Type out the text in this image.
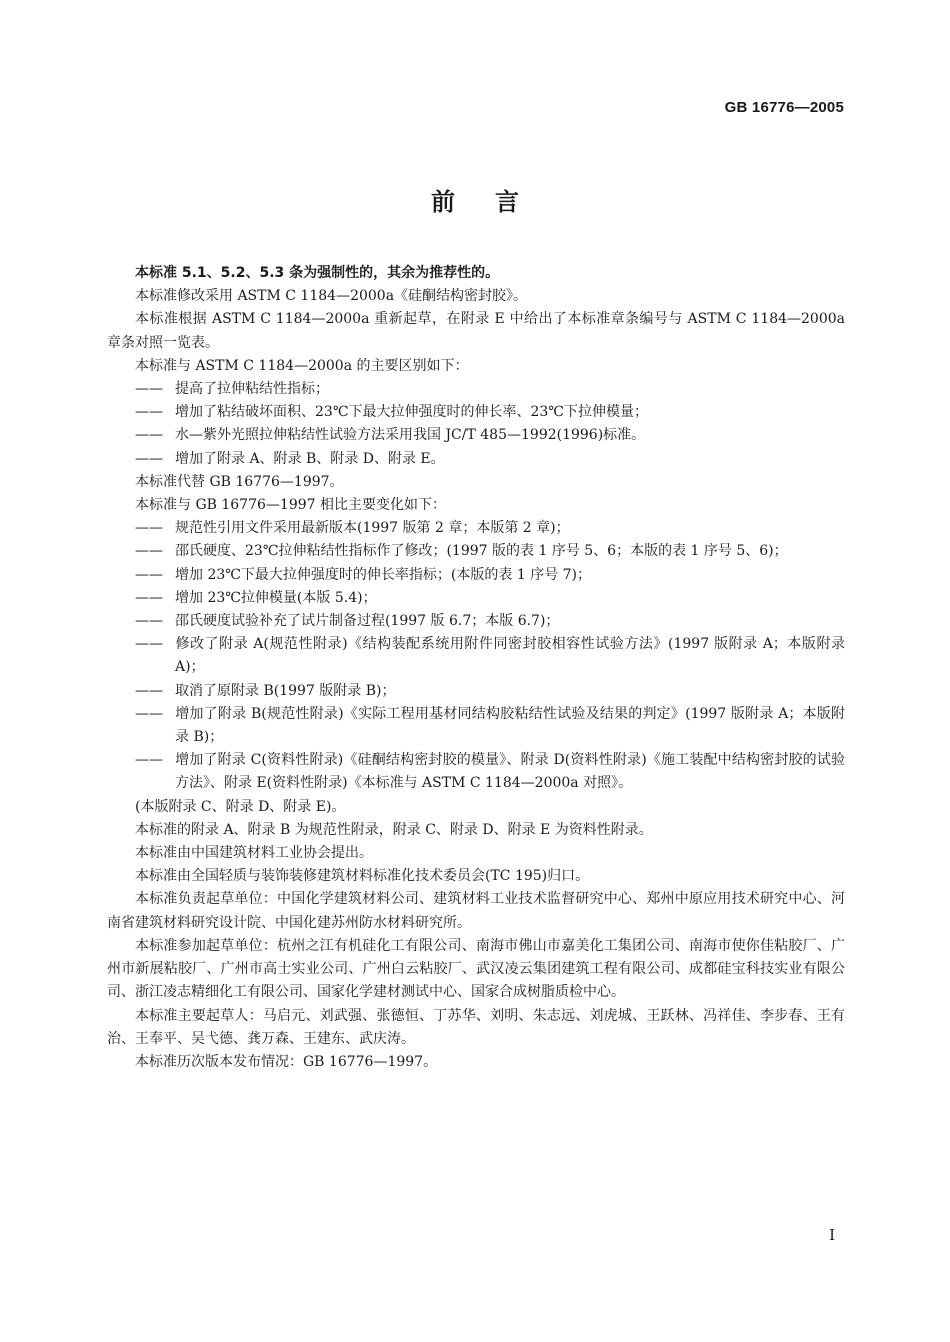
GB 16776—2005
前言

本标准 5.1、5.2、5.3 条为强制性的，其余为推荐性的。

本标准修改采用 ASTM C 1184—2000a《硅酮结构密封胶》。

本标准根据 ASTM C 1184—2000a 重新起草，在附录 E 中给出了本标准章条编号与 ASTM C 1184—2000a 章条对照一览表。

本标准与 ASTM C 1184—2000a 的主要区别如下：

—— 提高了拉伸粘结性指标；

—— 增加了粘结破坏面积、23℃下最大拉伸强度时的伸长率、23℃下拉伸模量；

—— 水—紫外光照拉伸粘结性试验方法采用我国 JC/T 485—1992(1996)标准。

—— 增加了附录 A、附录 B、附录 D、附录 E。

本标准代替 GB 16776—1997。

本标准与 GB 16776—1997 相比主要变化如下：

—— 规范性引用文件采用最新版本(1997 版第 2 章；本版第 2 章)；

—— 邵氏硬度、23℃拉伸粘结性指标作了修改；(1997 版的表 1 序号 5、6；本版的表 1 序号 5、6)；

—— 增加 23℃下最大拉伸强度时的伸长率指标；(本版的表 1 序号 7)；

—— 增加 23℃拉伸模量(本版 5.4)；

—— 邵氏硬度试验补充了试片制备过程(1997 版 6.7；本版 6.7)；

—— 修改了附录 A(规范性附录)《结构装配系统用附件同密封胶相容性试验方法》(1997 版附录 A；本版附录 A)；

—— 取消了原附录 B(1997 版附录 B)；

—— 增加了附录 B(规范性附录)《实际工程用基材同结构胶粘结性试验及结果的判定》(1997 版附录 A；本版附录 B)；

—— 增加了附录 C(资料性附录)《硅酮结构密封胶的模量》、附录 D(资料性附录)《施工装配中结构密封胶的试验方法》、附录 E(资料性附录)《本标准与 ASTM C 1184—2000a 对照》。

(本版附录 C、附录 D、附录 E)。

本标准的附录 A、附录 B 为规范性附录，附录 C、附录 D、附录 E 为资料性附录。

本标准由中国建筑材料工业协会提出。

本标准由全国轻质与装饰装修建筑材料标准化技术委员会(TC 195)归口。

本标准负责起草单位：中国化学建筑材料公司、建筑材料工业技术监督研究中心、郑州中原应用技术研究中心、河南省建筑材料研究设计院、中国化建苏州防水材料研究所。

本标准参加起草单位：杭州之江有机硅化工有限公司、南海市佛山市嘉美化工集团公司、南海市使你佳粘胶厂、广州市新展粘胶厂、广州市高士实业公司、广州白云粘胶厂、武汉凌云集团建筑工程有限公司、成都硅宝科技实业有限公司、浙江凌志精细化工有限公司、国家化学建材测试中心、国家合成树脂质检中心。

本标准主要起草人：马启元、刘武强、张德恒、丁苏华、刘明、朱志远、刘虎城、王跃林、冯祥佳、李步春、王有治、王奉平、吴弋德、龚万森、王建东、武庆涛。

本标准历次版本发布情况：GB 16776—1997。

I
